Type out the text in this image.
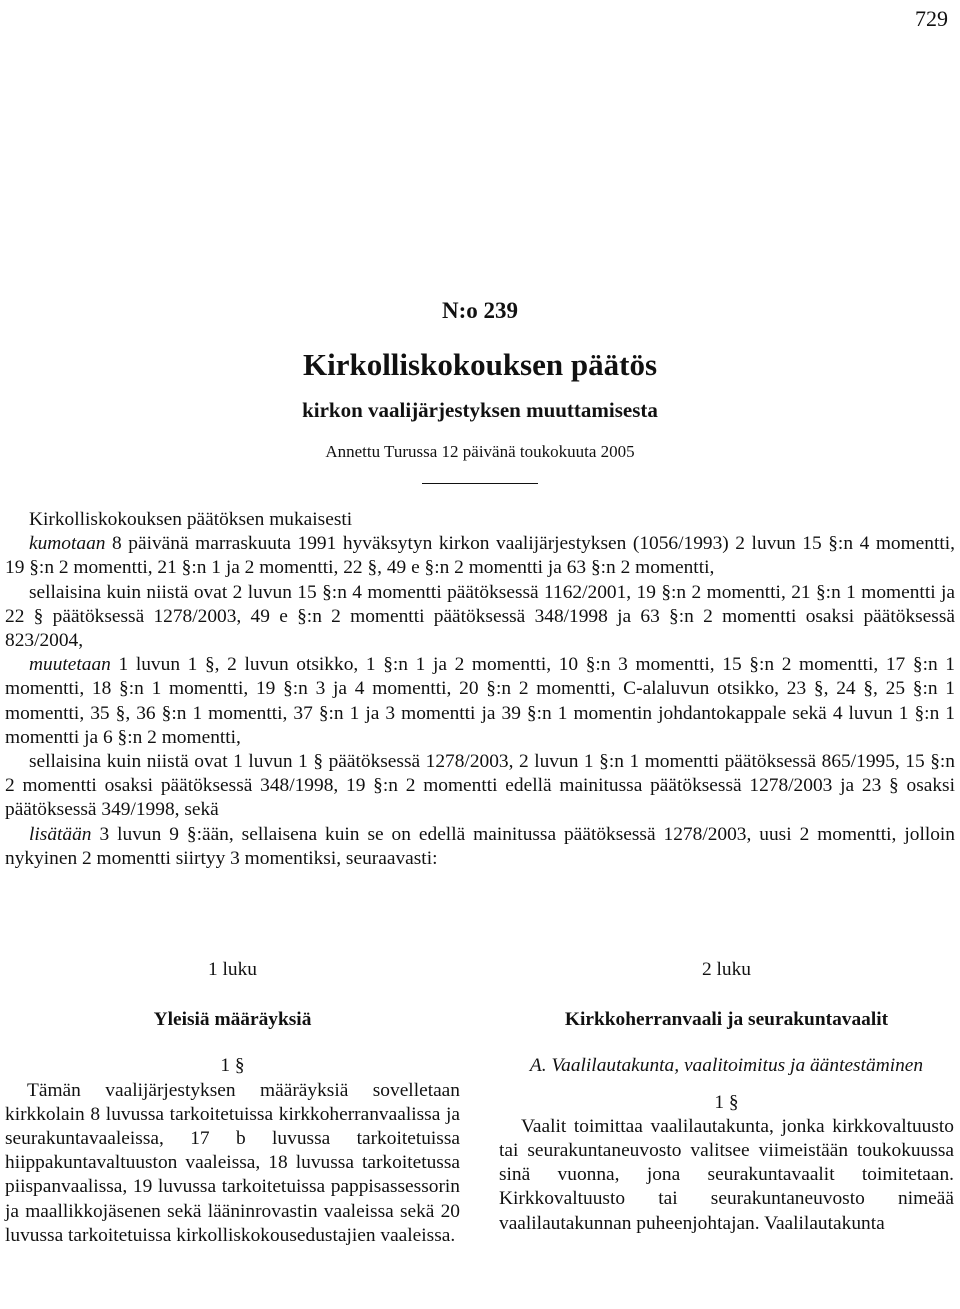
729
N:o 239
Kirkolliskokouksen päätös
kirkon vaalijärjestyksen muuttamisesta
Annettu Turussa 12 päivänä toukokuuta 2005

Kirkolliskokouksen päätöksen mukaisesti

kumotaan 8 päivänä marraskuuta 1991 hyväksytyn kirkon vaalijärjestyksen (1056/1993) 2 luvun 15 §:n 4 momentti, 19 §:n 2 momentti, 21 §:n 1 ja 2 momentti, 22 §, 49 e §:n 2 momentti ja 63 §:n 2 momentti,

sellaisina kuin niistä ovat 2 luvun 15 §:n 4 momentti päätöksessä 1162/2001, 19 §:n 2 momentti, 21 §:n 1 momentti ja 22 § päätöksessä 1278/2003, 49 e §:n 2 momentti päätöksessä 348/1998 ja 63 §:n 2 momentti osaksi päätöksessä 823/2004,

muutetaan 1 luvun 1 §, 2 luvun otsikko, 1 §:n 1 ja 2 momentti, 10 §:n 3 momentti, 15 §:n 2 momentti, 17 §:n 1 momentti, 18 §:n 1 momentti, 19 §:n 3 ja 4 momentti, 20 §:n 2 momentti, C-alaluvun otsikko, 23 §, 24 §, 25 §:n 1 momentti, 35 §, 36 §:n 1 momentti, 37 §:n 1 ja 3 momentti ja 39 §:n 1 momentin johdantokappale sekä 4 luvun 1 §:n 1 momentti ja 6 §:n 2 momentti,

sellaisina kuin niistä ovat 1 luvun 1 § päätöksessä 1278/2003, 2 luvun 1 §:n 1 momentti päätöksessä 865/1995, 15 §:n 2 momentti osaksi päätöksessä 348/1998, 19 §:n 2 momentti edellä mainitussa päätöksessä 1278/2003 ja 23 § osaksi päätöksessä 349/1998, sekä

lisätään 3 luvun 9 §:ään, sellaisena kuin se on edellä mainitussa päätöksessä 1278/2003, uusi 2 momentti, jolloin nykyinen 2 momentti siirtyy 3 momentiksi, seuraavasti:

1 luku

Yleisiä määräyksiä

1 §

Tämän vaalijärjestyksen määräyksiä sovelletaan kirkkolain 8 luvussa tarkoitetuissa kirkkoherranvaalissa ja seurakuntavaaleissa, 17 b luvussa tarkoitetuissa hiippakuntavaltuuston vaaleissa, 18 luvussa tarkoitetussa piispanvaalissa, 19 luvussa tarkoitetuissa pappisassessorin ja maallikkojäsenen sekä lääninrovastin vaaleissa sekä 20 luvussa tarkoitetuissa kirkolliskokousedustajien vaaleissa.

2 luku

Kirkkoherranvaali ja seurakuntavaalit

A. Vaalilautakunta, vaalitoimitus ja ääntestäminen

1 §

Vaalit toimittaa vaalilautakunta, jonka kirkkovaltuusto tai seurakuntaneuvosto valitsee viimeistään toukokuussa sinä vuonna, jona seurakuntavaalit toimitetaan. Kirkkovaltuusto tai seurakuntaneuvosto nimeää vaalilautakunnan puheenjohtajan. Vaalilautakunta
